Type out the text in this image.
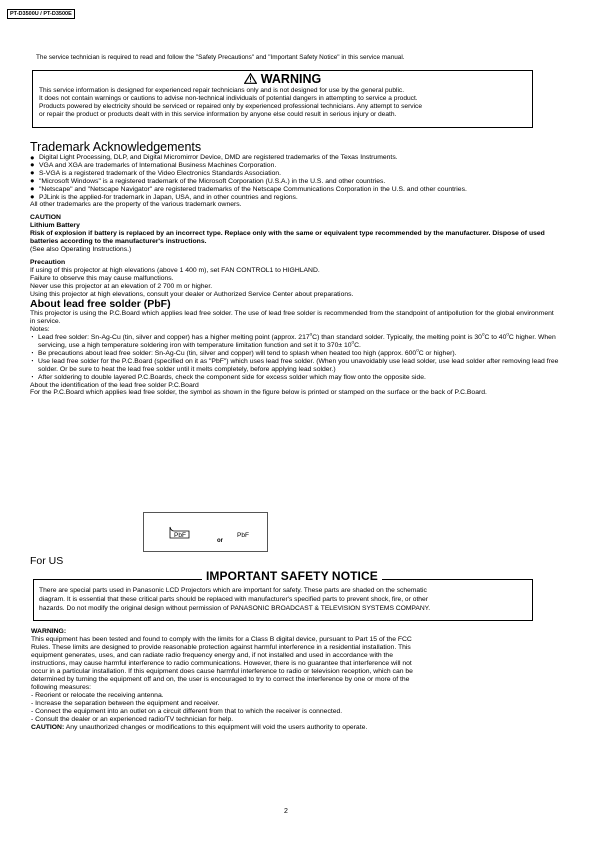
PT-D3500U / PT-D3500E
The service technician is required to read and follow the "Safety Precautions" and "Important Safety Notice" in this service manual.
WARNING
This service information is designed for experienced repair technicians only and is not designed for use by the general public.
It does not contain warnings or cautions to advise non-technical individuals of potential dangers in attempting to service a product.
Products powered by electricity should be serviced or repaired only by experienced professional technicians. Any attempt to service
or repair the product or products dealt with in this service information by anyone else could result in serious injury or death.
Trademark Acknowledgements
● Digital Light Processing, DLP, and Digital Micromirror Device, DMD are registered trademarks of the Texas Instruments.
● VGA and XGA are trademarks of International Business Machines Corporation.
● S-VGA is a registered trademark of the Video Electronics Standards Association.
● "Microsoft Windows" is a registered trademark of the Microsoft Corporation (U.S.A.) in the U.S. and other countries.
● "Netscape" and "Netscape Navigator" are registered trademarks of the Netscape Communications Corporation in the U.S. and other countries.
● PJLink is the applied-for trademark in Japan, USA, and in other countries and regions.
All other trademarks are the property of the various trademark owners.
CAUTION
Lithium Battery
Risk of explosion if battery is replaced by an incorrect type. Replace only with the same or equivalent type recommended by the manufacturer. Dispose of used batteries according to the manufacturer's instructions.
(See also Operating Instructions.)
Precaution
If using of this projector at high elevations (above 1 400 m), set FAN CONTROL1 to HIGHLAND.
Failure to observe this may cause malfunctions.
Never use this projector at an elevation of 2 700 m or higher.
Using this projector at high elevations, consult your dealer or Authorized Service Center about preparations.
About lead free solder (PbF)
This projector is using the P.C.Board which applies lead free solder. The use of lead free solder is recommended from the standpoint of antipollution for the global environment in service.
Notes:
・ Lead free solder: Sn-Ag-Cu (tin, silver and copper) has a higher melting point (approx. 217$^o$C) than standard solder. Typically, the melting point is 30$^o$C to 40$^o$C higher. When servicing, use a high temperature soldering iron with temperature limitation function and set it to $370\pm 10^oC$.
・ Be precautions about lead free solder: Sn-Ag-Cu (tin, silver and copper) will tend to splash when heated too high (approx. 600$^o$C or higher).
・ Use lead free solder for the P.C.Board (specified on it as "PbF") which uses lead free solder. (When you unavoidably use lead solder, use lead solder after removing lead free solder. Or be sure to heat the lead free solder until it melts completely, before applying lead solder.)
・ After soldering to double layered P.C.Boards, check the component side for excess solder which may flow onto the opposite side.
About the identification of the lead free solder P.C.Board
For the P.C.Board which applies lead free solder, the symbol as shown in the figure below is printed or stamped on the surface or the back of P.C.Board.
PbF
or
PbF
For US
IMPORTANT SAFETY NOTICE
There are special parts used in Panasonic LCD Projectors which are important for safety. These parts are shaded on the schematic
diagram. It is essential that these critical parts should be replaced with manufacturer's specified parts to prevent shock, fire, or other
hazards. Do not modify the original design without permission of PANASONIC BROADCAST & TELEVISION SYSTEMS COMPANY.
WARNING:
This equipment has been tested and found to comply with the limits for a Class B digital device, pursuant to Part 15 of the FCC
Rules. These limits are designed to provide reasonable protection against harmful interference in a residential installation. This
equipment generates, uses, and can radiate radio frequency energy and, if not installed and used in accordance with the
instructions, may cause harmful interference to radio communications. However, there is no guarantee that interference will not
occur in a particular installation. If this equipment does cause harmful interference to radio or television reception, which can be
determined by turning the equipment off and on, the user is encouraged to try to correct the interference by one or more of the
following measures:
- Reorient or relocate the receiving antenna.
- Increase the separation between the equipment and receiver.
- Connect the equipment into an outlet on a circuit different from that to which the receiver is connected.
- Consult the dealer or an experienced radio/TV technician for help.
CAUTION: Any unauthorized changes or modifications to this equipment will void the users authority to operate.
2
